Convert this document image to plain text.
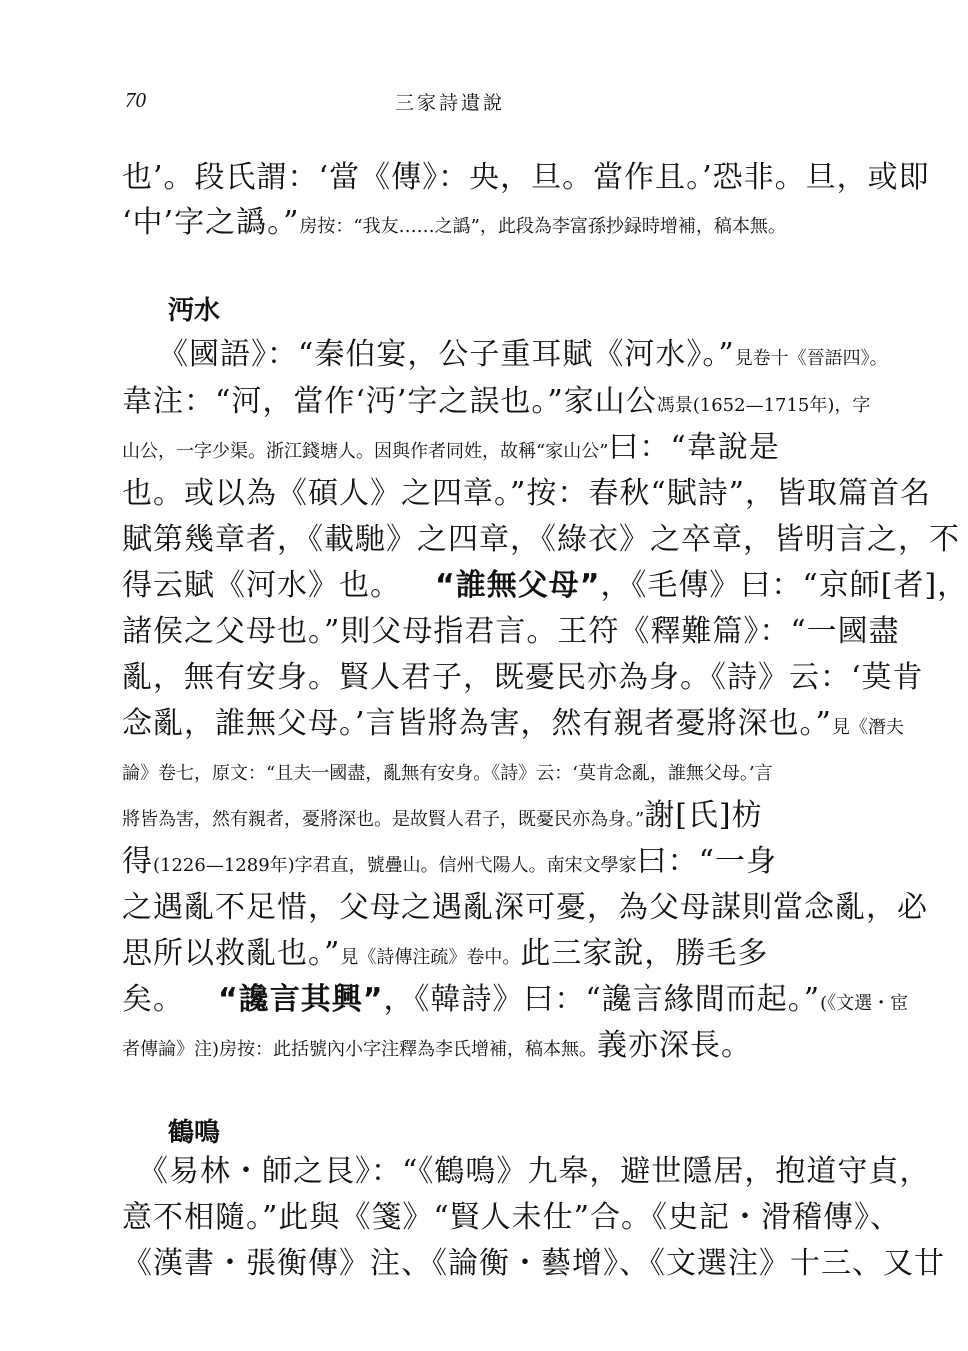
70	三家詩遺說
也’。段氏謂：‘當《傳》：央，旦。當作且。’恐非。旦，或即
‘中’字之譌。”房按：“我友……之譌”，此段為李富孫抄録時增補，稿本無。
沔水
《國語》：“秦伯宴，公子重耳賦《河水》。”見卷十《晉語四》。
韋注：“河，當作‘沔’字之誤也。”家山公馮景(1652—1715年)，字
山公，一字少渠。浙江錢塘人。因與作者同姓，故稱“家山公”曰：“韋說是
也。或以為《碩人》之四章。”按：春秋“賦詩”，皆取篇首名
賦第幾章者，《載馳》之四章，《綠衣》之卒章，皆明言之，不
得云賦《河水》也。 “誰無父母”，《毛傳》曰：“京師[者]，
諸侯之父母也。”則父母指君言。王符《釋難篇》：“一國盡
亂，無有安身。賢人君子，既憂民亦為身。《詩》云：‘莫肯
念亂，誰無父母。’言皆將為害，然有親者憂將深也。”見《潛夫
論》卷七，原文：“且夫一國盡，亂無有安身。《詩》云：‘莫肯念亂，誰無父母。’言
將皆為害，然有親者，憂將深也。是故賢人君子，既憂民亦為身。”謝[氏]枋
得(1226—1289年)字君直，號疊山。信州弋陽人。南宋文學家曰：“一身
之遇亂不足惜，父母之遇亂深可憂，為父母謀則當念亂，必
思所以救亂也。”見《詩傳注疏》卷中。此三家說，勝毛多
矣。 “讒言其興”，《韓詩》曰：“讒言緣間而起。”(《文選・宦
者傳論》注)房按：此括號內小字注釋為李氏增補，稿本無。義亦深長。
鶴鳴
《易林・師之艮》：“《鶴鳴》九皋，避世隱居，抱道守貞，
意不相隨。”此與《箋》“賢人未仕”合。《史記・滑稽傳》、
《漢書・張衡傳》注、《論衡・藝增》、《文選注》十三、又廿
